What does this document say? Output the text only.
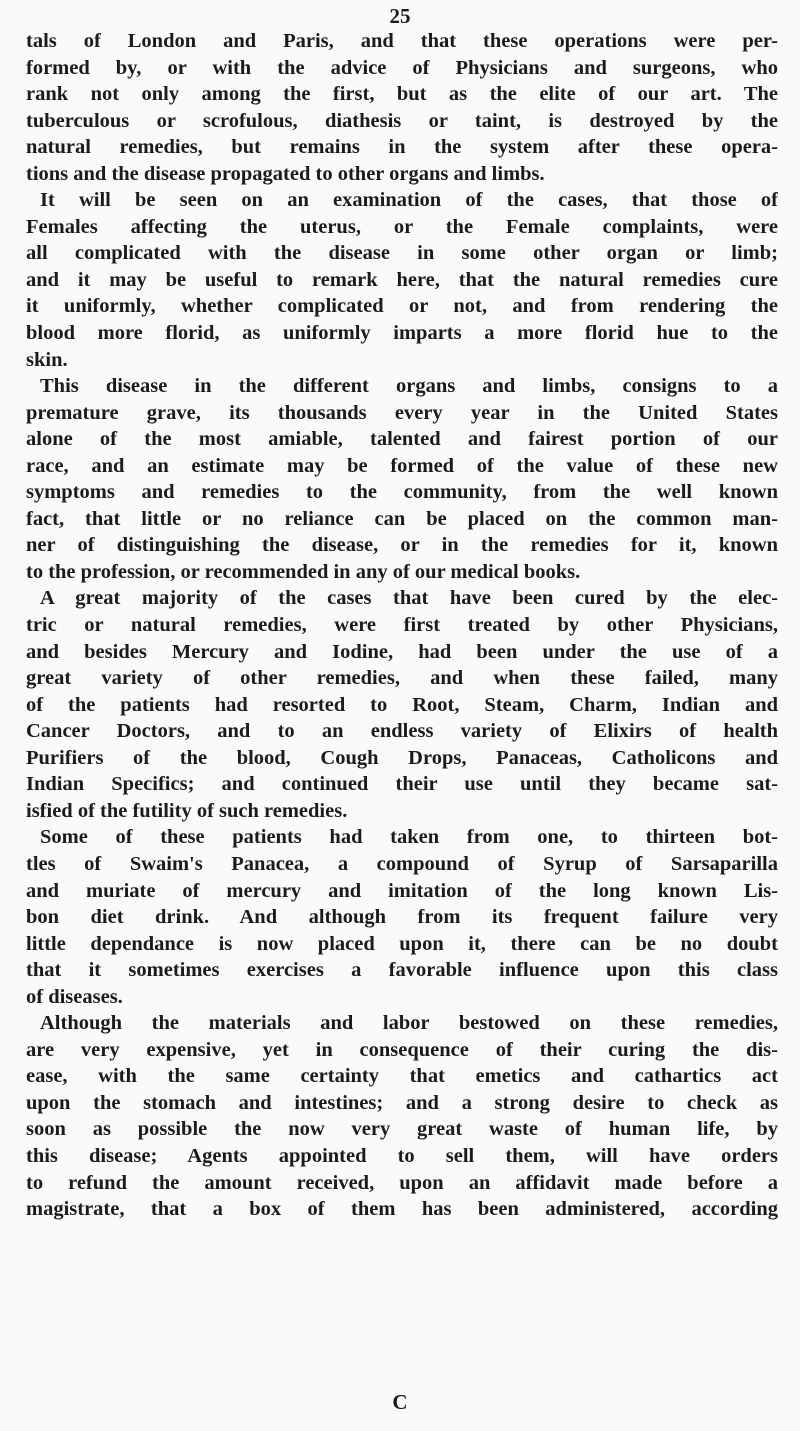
25
tals of London and Paris, and that these operations were per-
formed by, or with the advice of Physicians and surgeons, who
rank not only among the first, but as the elite of our art. The
tuberculous or scrofulous, diathesis or taint, is destroyed by the
natural remedies, but remains in the system after these opera-
tions and the disease propagated to other organs and limbs.
It will be seen on an examination of the cases, that those of
Females affecting the uterus, or the Female complaints, were
all complicated with the disease in some other organ or limb;
and it may be useful to remark here, that the natural remedies cure
it uniformly, whether complicated or not, and from rendering the
blood more florid, as uniformly imparts a more florid hue to the
skin.
This disease in the different organs and limbs, consigns to a
premature grave, its thousands every year in the United States
alone of the most amiable, talented and fairest portion of our
race, and an estimate may be formed of the value of these new
symptoms and remedies to the community, from the well known
fact, that little or no reliance can be placed on the common man-
ner of distinguishing the disease, or in the remedies for it, known
to the profession, or recommended in any of our medical books.
A great majority of the cases that have been cured by the elec-
tric or natural remedies, were first treated by other Physicians,
and besides Mercury and Iodine, had been under the use of a
great variety of other remedies, and when these failed, many
of the patients had resorted to Root, Steam, Charm, Indian and
Cancer Doctors, and to an endless variety of Elixirs of health
Purifiers of the blood, Cough Drops, Panaceas, Catholicons and
Indian Specifics; and continued their use until they became sat-
isfied of the futility of such remedies.
Some of these patients had taken from one, to thirteen bot-
tles of Swaim's Panacea, a compound of Syrup of Sarsaparilla
and muriate of mercury and imitation of the long known Lis-
bon diet drink. And although from its frequent failure very
little dependance is now placed upon it, there can be no doubt
that it sometimes exercises a favorable influence upon this class
of diseases.
Although the materials and labor bestowed on these remedies,
are very expensive, yet in consequence of their curing the dis-
ease, with the same certainty that emetics and cathartics act
upon the stomach and intestines; and a strong desire to check as
soon as possible the now very great waste of human life, by
this disease; Agents appointed to sell them, will have orders
to refund the amount received, upon an affidavit made before a
magistrate, that a box of them has been administered, according
C
